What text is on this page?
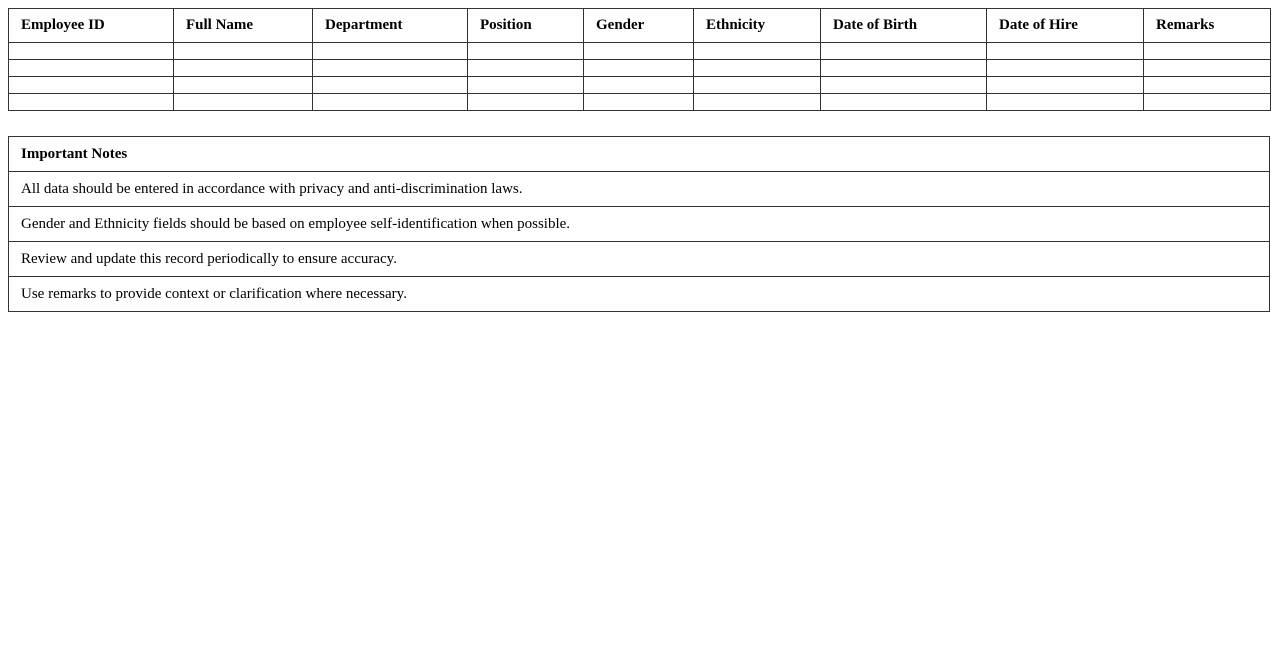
Employee ID	Full Name	Department	Position	Gender	Ethnicity	Date of Birth	Date of Hire	Remarks

Important Notes
All data should be entered in accordance with privacy and anti-discrimination laws.
Gender and Ethnicity fields should be based on employee self-identification when possible.
Review and update this record periodically to ensure accuracy.
Use remarks to provide context or clarification where necessary.
